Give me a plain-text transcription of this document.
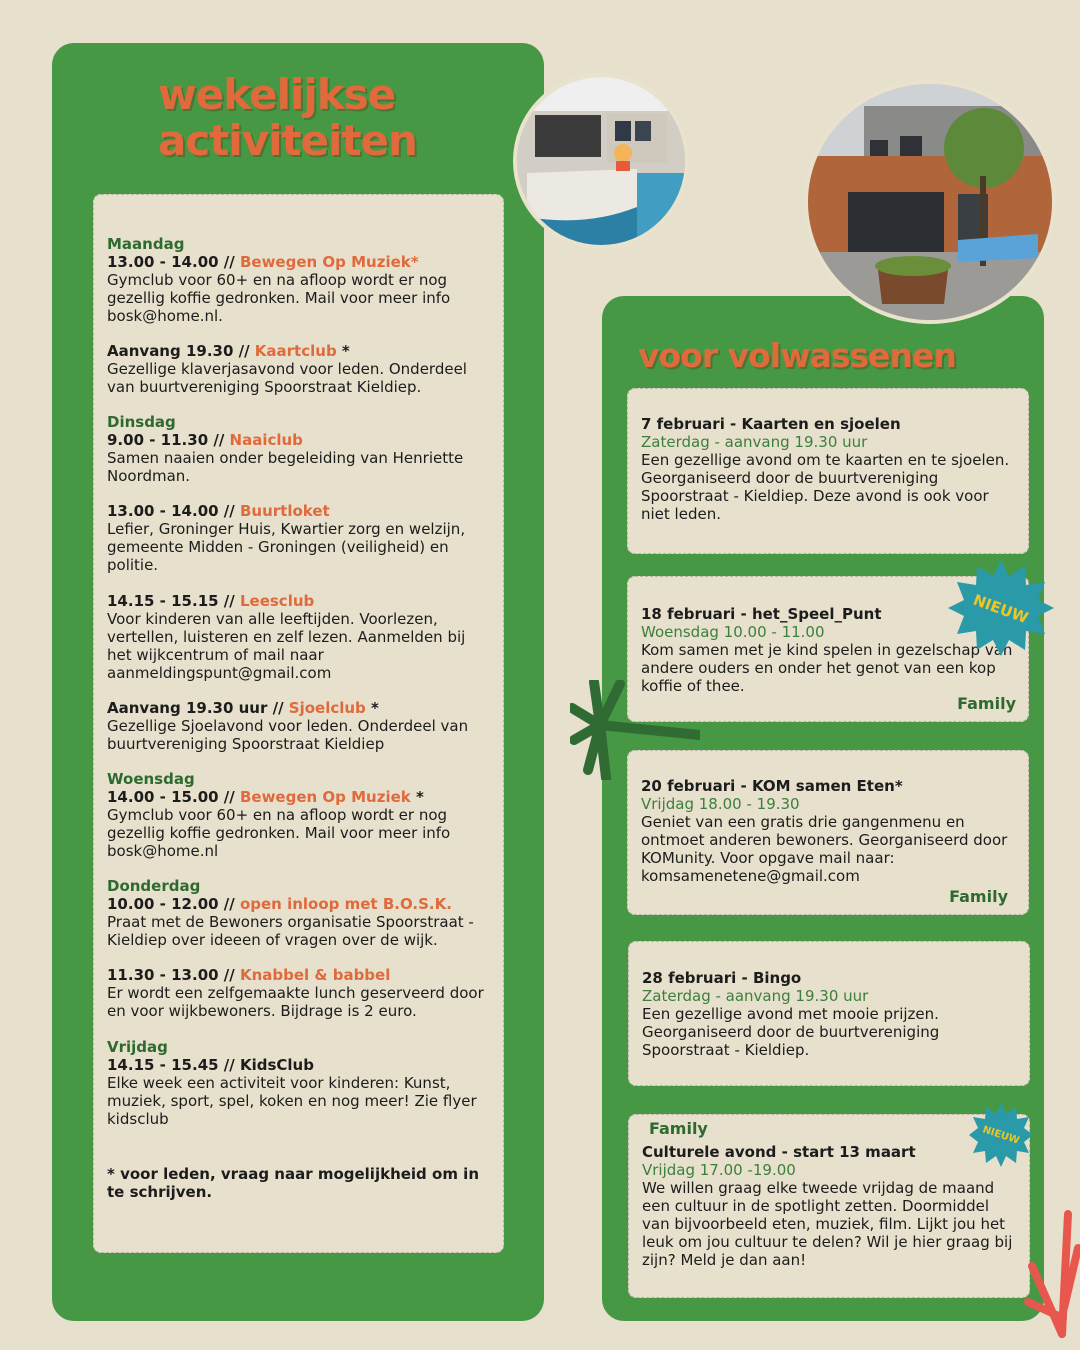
wekelijkse
activiteiten
voor volwassenen
Maandag
13.00 - 14.00 // Bewegen Op Muziek*

Gymclub voor 60+ en na afloop wordt er nog gezellig koffie gedronken. Mail voor meer info bosk@home.nl.

Aanvang 19.30 // Kaartclub *

Gezellige klaverjasavond voor leden. Onderdeel van buurtvereniging Spoorstraat Kieldiep.

Dinsdag
9.00 - 11.30 // Naaiclub

Samen naaien onder begeleiding van Henriette Noordman.

13.00 - 14.00 // Buurtloket

Lefier, Groninger Huis, Kwartier zorg en welzijn, gemeente Midden - Groningen (veiligheid) en politie.

14.15 - 15.15 // Leesclub

Voor kinderen van alle leeftijden. Voorlezen, vertellen, luisteren en zelf lezen. Aanmelden bij het wijkcentrum of mail naar aanmeldingspunt@gmail.com

Aanvang 19.30 uur // Sjoelclub *

Gezellige Sjoelavond voor leden. Onderdeel van buurtvereniging Spoorstraat Kieldiep

Woensdag
14.00 - 15.00 // Bewegen Op Muziek *

Gymclub voor 60+ en na afloop wordt er nog gezellig koffie gedronken. Mail voor meer info bosk@home.nl

Donderdag
10.00 - 12.00 // open inloop met B.O.S.K.

Praat met de Bewoners organisatie Spoorstraat - Kieldiep over ideeen of vragen over de wijk.

11.30 - 13.00 // Knabbel & babbel

Er wordt een zelfgemaakte lunch geserveerd door en voor wijkbewoners. Bijdrage is 2 euro.

Vrijdag
14.15 - 15.45 // KidsClub

Elke week een activiteit voor kinderen: Kunst, muziek, sport, spel, koken en nog meer! Zie flyer kidsclub

* voor leden, vraag naar mogelijkheid om in te schrijven.

7 februari - Kaarten en sjoelen
Zaterdag - aanvang 19.30 uur

Een gezellige avond om te kaarten en te sjoelen. Georganiseerd door de buurtvereniging Spoorstraat - Kieldiep. Deze avond is ook voor niet leden.

18 februari - het_Speel_Punt
Woensdag 10.00 - 11.00

Kom samen met je kind spelen in gezelschap van andere ouders en onder het genot van een kop koffie of thee.

Family
20 februari - KOM samen Eten*
Vrijdag 18.00 - 19.30

Geniet van een gratis drie gangenmenu en ontmoet anderen bewoners. Georganiseerd door KOMunity. Voor opgave mail naar: komsamenetene@gmail.com

Family
28 februari - Bingo
Zaterdag - aanvang 19.30 uur

Een gezellige avond met mooie prijzen. Georganiseerd door de buurtvereniging Spoorstraat - Kieldiep.

Family
Culturele avond - start 13 maart
Vrijdag 17.00 -19.00

We willen graag elke tweede vrijdag de maand een cultuur in de spotlight zetten. Doormiddel van bijvoorbeeld eten, muziek, film. Lijkt jou het leuk om jou cultuur te delen? Wil je hier graag bij zijn? Meld je dan aan!

NIEUW
NIEUW
